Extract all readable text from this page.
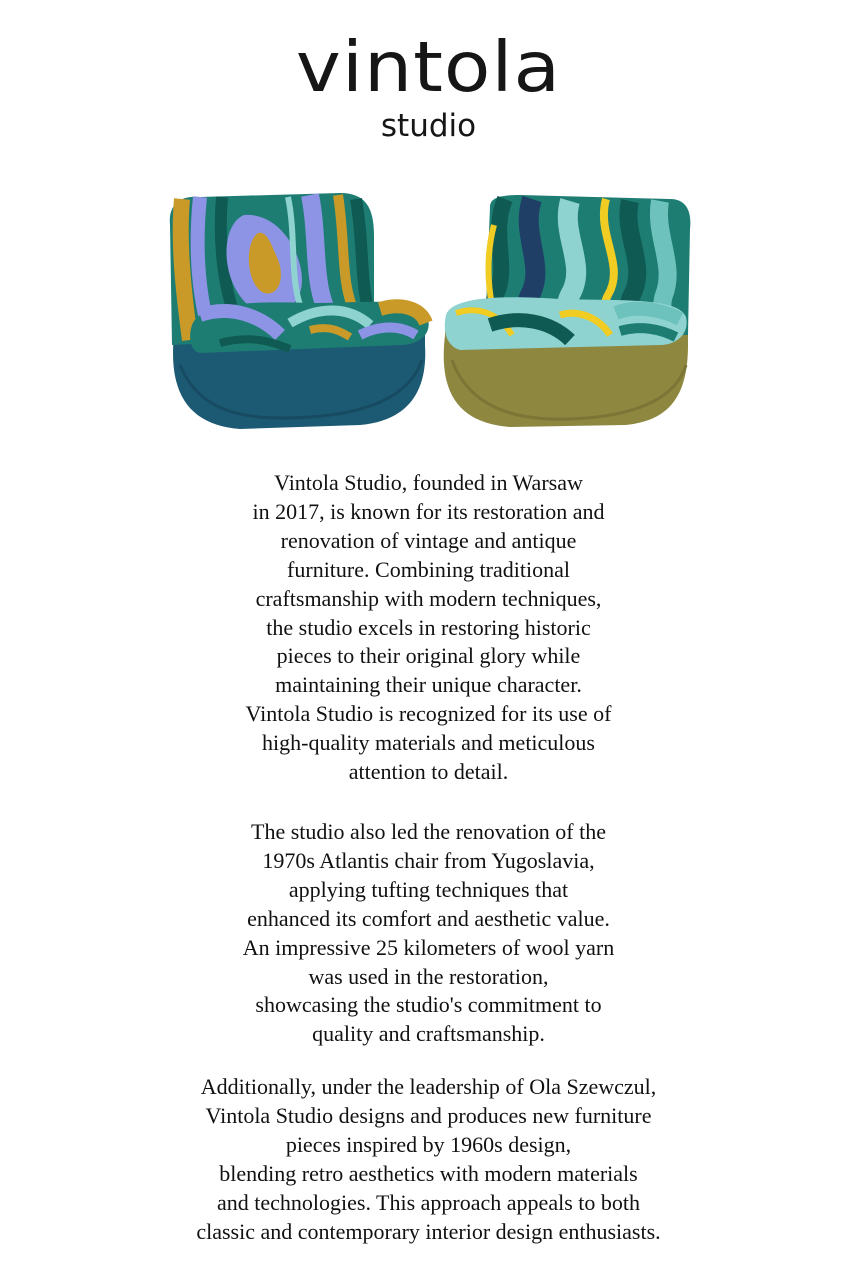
vintola
studio
Vintola Studio, founded in Warsaw
in 2017, is known for its restoration and
renovation of vintage and antique
furniture. Combining traditional
craftsmanship with modern techniques,
the studio excels in restoring historic
pieces to their original glory while
maintaining their unique character.
Vintola Studio is recognized for its use of
high-quality materials and meticulous
attention to detail.
The studio also led the renovation of the
1970s Atlantis chair from Yugoslavia,
applying tufting techniques that
enhanced its comfort and aesthetic value.
An impressive 25 kilometers of wool yarn
was used in the restoration,
showcasing the studio's commitment to
quality and craftsmanship.
Additionally, under the leadership of Ola Szewczul,
Vintola Studio designs and produces new furniture
pieces inspired by 1960s design,
blending retro aesthetics with modern materials
and technologies. This approach appeals to both
classic and contemporary interior design enthusiasts.
